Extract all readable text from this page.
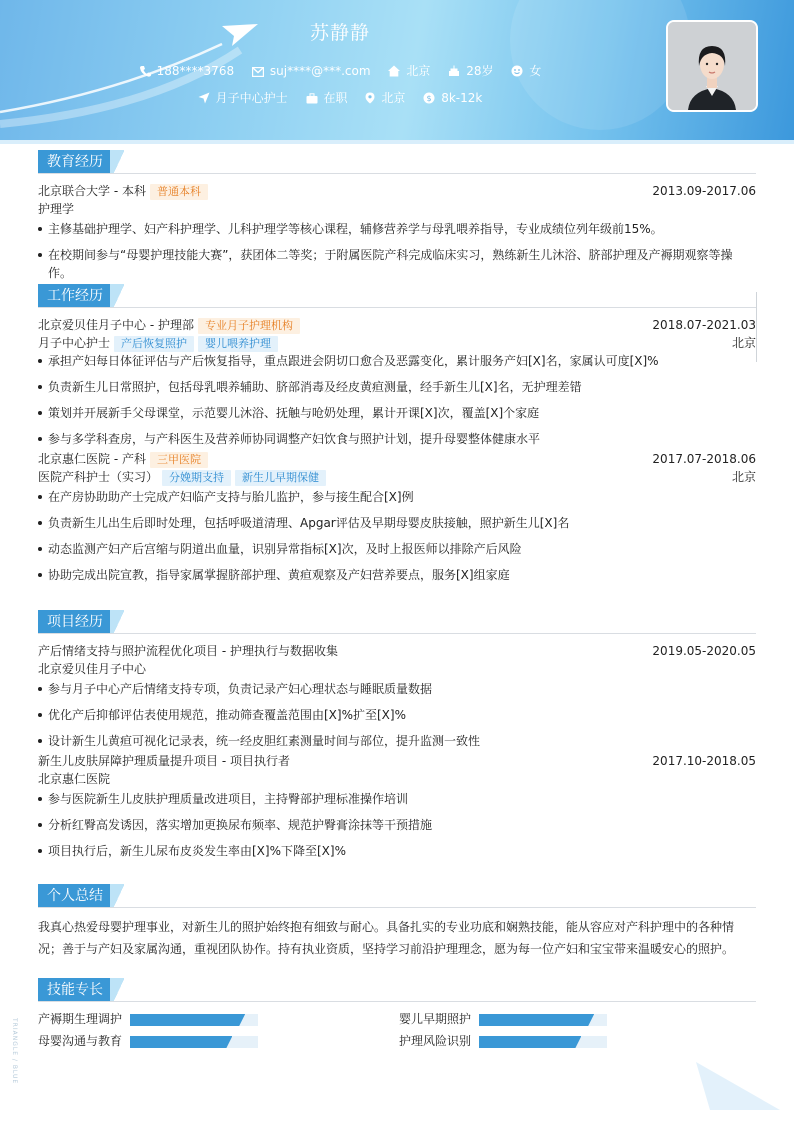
苏静静
188****3768	suj****@***.com	北京	28岁	女
月子中心护士	在职	北京	$ 8k-12k
教育经历
北京联合大学 - 本科 普通本科	2013.09-2017.06
护理学
主修基础护理学、妇产科护理学、儿科护理学等核心课程，辅修营养学与母乳喂养指导，专业成绩位列年级前15%。
在校期间参与“母婴护理技能大赛”，获团体二等奖；于附属医院产科完成临床实习，熟练新生儿沐浴、脐部护理及产褥期观察等操作。
工作经历
北京爱贝佳月子中心 - 护理部 专业月子护理机构	2018.07-2021.03
月子中心护士 产后恢复照护 婴儿喂养护理	北京
承担产妇每日体征评估与产后恢复指导，重点跟进会阴切口愈合及恶露变化，累计服务产妇[X]名，家属认可度[X]%
负责新生儿日常照护，包括母乳喂养辅助、脐部消毒及经皮黄疸测量，经手新生儿[X]名，无护理差错
策划并开展新手父母课堂，示范婴儿沐浴、抚触与呛奶处理，累计开课[X]次，覆盖[X]个家庭
参与多学科查房，与产科医生及营养师协同调整产妇饮食与照护计划，提升母婴整体健康水平
北京惠仁医院 - 产科 三甲医院	2017.07-2018.06
医院产科护士（实习） 分娩期支持 新生儿早期保健	北京
在产房协助助产士完成产妇临产支持与胎儿监护，参与接生配合[X]例
负责新生儿出生后即时处理，包括呼吸道清理、Apgar评估及早期母婴皮肤接触，照护新生儿[X]名
动态监测产妇产后宫缩与阴道出血量，识别异常指标[X]次，及时上报医师以排除产后风险
协助完成出院宣教，指导家属掌握脐部护理、黄疸观察及产妇营养要点，服务[X]组家庭
项目经历
产后情绪支持与照护流程优化项目 - 护理执行与数据收集	2019.05-2020.05
北京爱贝佳月子中心
参与月子中心产后情绪支持专项，负责记录产妇心理状态与睡眠质量数据
优化产后抑郁评估表使用规范，推动筛查覆盖范围由[X]%扩至[X]%
设计新生儿黄疸可视化记录表，统一经皮胆红素测量时间与部位，提升监测一致性
新生儿皮肤屏障护理质量提升项目 - 项目执行者	2017.10-2018.05
北京惠仁医院
参与医院新生儿皮肤护理质量改进项目，主持臀部护理标准操作培训
分析红臀高发诱因，落实增加更换尿布频率、规范护臀膏涂抹等干预措施
项目执行后，新生儿尿布皮炎发生率由[X]%下降至[X]%
个人总结
我真心热爱母婴护理事业，对新生儿的照护始终抱有细致与耐心。具备扎实的专业功底和娴熟技能，能从容应对产科护理中的各种情况；善于与产妇及家属沟通，重视团队协作。持有执业资质，坚持学习前沿护理理念，愿为每一位产妇和宝宝带来温暖安心的照护。
技能专长
产褥期生理调护	婴儿早期照护
母婴沟通与教育	护理风险识别
TRIANGLE / BLUE
